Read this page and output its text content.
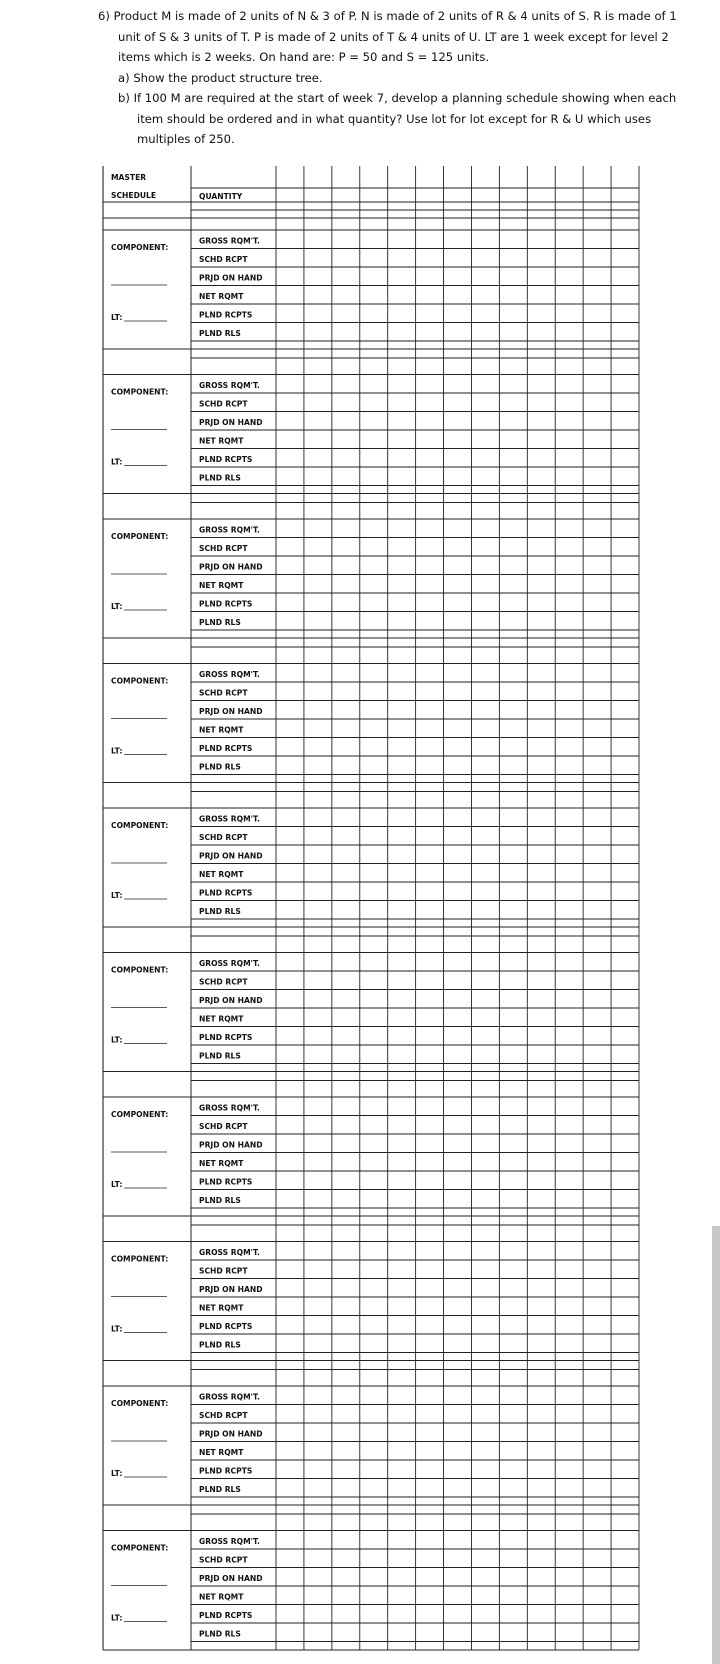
6) Product M is made of 2 units of N & 3 of P. N is made of 2 units of R & 4 units of S. R is made of 1
unit of S & 3 units of T. P is made of 2 units of T & 4 units of U. LT are 1 week except for level 2
items which is 2 weeks. On hand are: P = 50 and S = 125 units.
a) Show the product structure tree.
b) If 100 M are required at the start of week 7, develop a planning schedule showing when each
item should be ordered and in what quantity? Use lot for lot except for R & U which uses
multiples of 250.
MASTER
SCHEDULE	QUANTITY
GROSS RQM'T.
SCHD RCPT
PRJD ON HAND
NET RQMT
PLND RCPTS
PLND RLS
COMPONENT:
LT:
GROSS RQM'T.
SCHD RCPT
PRJD ON HAND
NET RQMT
PLND RCPTS
PLND RLS
COMPONENT:
LT:
GROSS RQM'T.
SCHD RCPT
PRJD ON HAND
NET RQMT
PLND RCPTS
PLND RLS
COMPONENT:
LT:
GROSS RQM'T.
SCHD RCPT
PRJD ON HAND
NET RQMT
PLND RCPTS
PLND RLS
COMPONENT:
LT:
GROSS RQM'T.
SCHD RCPT
PRJD ON HAND
NET RQMT
PLND RCPTS
PLND RLS
COMPONENT:
LT:
GROSS RQM'T.
SCHD RCPT
PRJD ON HAND
NET RQMT
PLND RCPTS
PLND RLS
COMPONENT:
LT:
GROSS RQM'T.
SCHD RCPT
PRJD ON HAND
NET RQMT
PLND RCPTS
PLND RLS
COMPONENT:
LT:
GROSS RQM'T.
SCHD RCPT
PRJD ON HAND
NET RQMT
PLND RCPTS
PLND RLS
COMPONENT:
LT:
GROSS RQM'T.
SCHD RCPT
PRJD ON HAND
NET RQMT
PLND RCPTS
PLND RLS
COMPONENT:
LT:
GROSS RQM'T.
SCHD RCPT
PRJD ON HAND
NET RQMT
PLND RCPTS
PLND RLS
COMPONENT:
LT:
